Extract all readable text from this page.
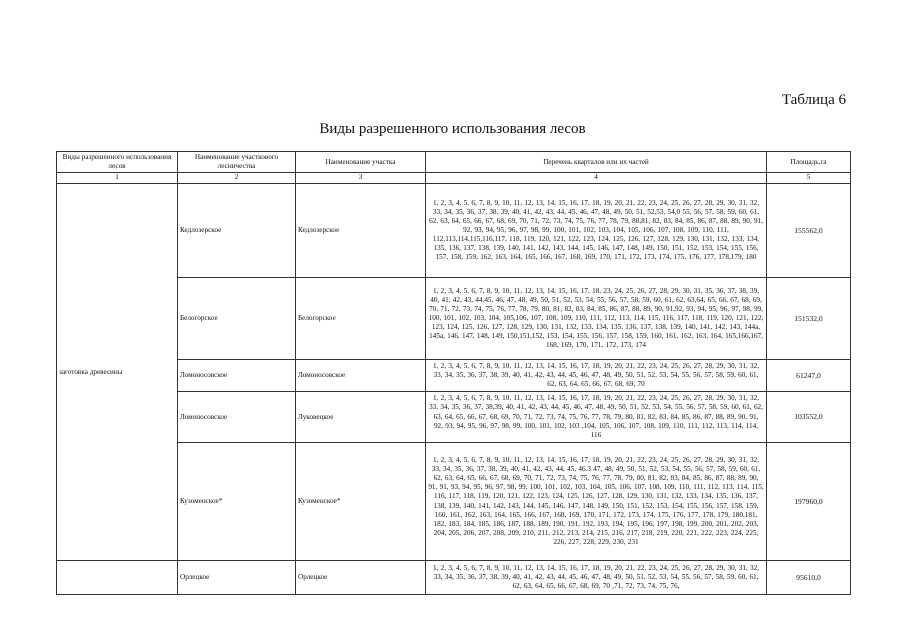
Таблица 6
Виды разрешенного использования лесов
Виды разрешенного использования лесов	Наименование участкового лесничества	Наименование участка	Перечень кварталов или их частей	Площадь,га
1	2	3	4	5
заготовка древесины	Кедлозерское	Кедлозерское	1, 2, 3, 4, 5, 6, 7, 8, 9, 10, 11, 12, 13, 14, 15, 16, 17, 18, 19, 20, 21, 22, 23, 24, 25, 26, 27, 28, 29, 30, 31, 32, 33, 34, 35, 36, 37, 38, 39, 40, 41, 42, 43, 44, 45, 46, 47, 48, 49, 50, 51, 52,53, 54,0 55, 56, 57, 58, 59, 60, 61, 62, 63, 64, 65, 66, 67, 68, 69, 70, 71, 72, 73, 74, 75, 76, 77, 78, 79, 80,81, 82, 83, 84, 85, 86, 87, 88, 89, 90, 91, 92, 93, 94, 95, 96, 97, 98, 99, 100, 101, 102, 103, 104, 105, 106, 107, 108, 109, 110, 111, 112,113,114,115,116,117, 118, 119, 120, 121, 122, 123, 124, 125, 126, 127, 128, 129, 130, 131, 132, 133, 134, 135, 136, 137, 138, 139, 140, 141, 142, 143, 144, 145, 146, 147, 148, 149, 150, 151, 152, 153, 154, 155, 156, 157, 158, 159, 162, 163, 164, 165, 166, 167, 168, 169, 170, 171, 172, 173, 174, 175, 176, 177, 178,179, 180	155562,0
	Белогорское	Белогорское	1, 2, 3, 4, 5, 6, 7, 8, 9, 10, 11, 12, 13, 14, 15, 16, 17, 18, 23, 24, 25, 26, 27, 28, 29, 30, 31, 35, 36, 37, 38, 39, 40, 41, 42, 43, 44,45, 46, 47, 48, 49, 50, 51, 52, 53, 54, 55, 56, 57, 58, 59, 60, 61, 62, 63,64, 65, 66, 67, 68, 69, 70, 71, 72, 73, 74, 75, 76, 77, 78, 79, 80, 81, 82, 83, 84, 85, 86, 87, 88, 89, 90, 91,92, 93, 94, 95, 96, 97, 98, 99, 100, 101, 102, 103, 104, 105,106, 107, 108, 109, 110, 111, 112, 113, 114, 115, 116, 117, 118, 119, 120, 121, 122, 123, 124, 125, 126, 127, 128, 129, 130, 131, 132, 133, 134, 135, 136, 137, 138, 139, 140, 141, 142, 143, 144a, 145a, 146, 147, 148, 149, 150,151,152, 153, 154, 155, 156, 157, 158, 159, 160, 161, 162, 163, 164, 165,166,167, 168, 169, 170, 171, 172, 173, 174	151532,0
	Ломоносовское	Ломоносовское	1, 2, 3, 4, 5, 6, 7, 8, 9, 10, 11, 12, 13, 14, 15, 16, 17, 18, 19, 20, 21, 22, 23, 24, 25, 26, 27, 28, 29, 30, 31, 32, 33, 34, 35, 36, 37, 38, 39, 40, 41, 42, 43, 44, 45, 46, 47, 48, 49, 50, 51, 52, 53, 54, 55, 56, 57, 58, 59, 60, 61, 62, 63, 64, 65, 66, 67, 68, 69, 70	61247,0
	Ломоносовское	Луковецкое	1, 2, 3, 4, 5, 6, 7, 8, 9, 10, 11, 12, 13, 14, 15, 16, 17, 18, 19, 20, 21, 22, 23, 24, 25, 26, 27, 28, 29, 30, 31, 32, 33, 34, 35, 36, 37, 38,39, 40, 41, 42, 43, 44, 45, 46, 47, 48, 49, 50, 51, 52, 53, 54, 55, 56, 57, 58, 59, 60, 61, 62, 63, 64, 65, 66, 67, 68, 69, 70, 71, 72, 73, 74, 75, 76, 77, 78, 79, 80, 81, 82, 83, 84, 85, 86, 87, 88, 89, 90, 91, 92, 93, 94, 95, 96, 97, 98, 99, 100, 101, 102, 103 ,104, 105, 106, 107, 108, 109, 110, 111, 112, 113, 114, 114, 116	103552,0
	Кузоменское*	Кузоменское*	1, 2, 3, 4, 5, 6, 7, 8, 9, 10, 11, 12, 13, 14, 15, 16, 17, 18, 19, 20, 21, 22, 23, 24, 25, 26, 27, 28, 29, 30, 31, 32, 33, 34, 35, 36, 37, 38, 39, 40, 41, 42, 43, 44, 45, 46.3 47, 48, 49, 50, 51, 52, 53, 54, 55, 56, 57, 58, 59, 60, 61, 62, 63, 64, 65, 66, 67, 68, 69, 70, 71, 72, 73, 74, 75, 76, 77, 78, 79, 80, 81, 82, 83, 84, 85, 86, 87, 88, 89, 90, 91, 91, 93, 94, 95, 96, 97, 98, 99, 100, 101, 102, 103, 104, 105, 106, 107, 108, 109, 110, 111, 112, 113, 114, 115, 116, 117, 118, 119, 120, 121, 122, 123, 124, 125, 126, 127, 128, 129, 130, 131, 132, 133, 134, 135, 136, 137, 138, 139, 140, 141, 142, 143, 144, 145, 146, 147, 148, 149, 150, 151, 152, 153, 154, 155, 156, 157, 158. 159, 160, 161, 162, 163, 164, 165, 166, 167, 168, 169, 170, 171, 172, 173, 174, 175, 176, 177, 178, 179, 180,181, 182, 183, 184, 185, 186, 187, 188, 189, 190, 191, 192, 193, 194, 195, 196, 197, 198, 199, 200, 201, 202, 203, 204, 205, 206, 207, 208, 209, 210, 211, 212, 213, 214, 215, 216, 217, 218, 219, 220, 221, 222, 223, 224, 225, 226, 227, 228, 229, 230, 231	197960,0
	Орлецкое	Орлецкое	1, 2, 3, 4, 5, 6, 7, 8, 9, 10, 11, 12, 13, 14, 15, 16, 17, 18, 19, 20, 21, 22, 23, 24, 25, 26, 27, 28, 29, 30, 31, 32, 33, 34, 35, 36, 37, 38, 39, 40, 41, 42, 43, 44, 45, 46, 47, 48, 49, 50, 51, 52, 53, 54, 55, 56, 57, 58, 59, 60, 61, 62, 63, 64, 65, 66, 67, 68, 69, 70 ,71, 72, 73, 74, 75, 76,	95610,0
